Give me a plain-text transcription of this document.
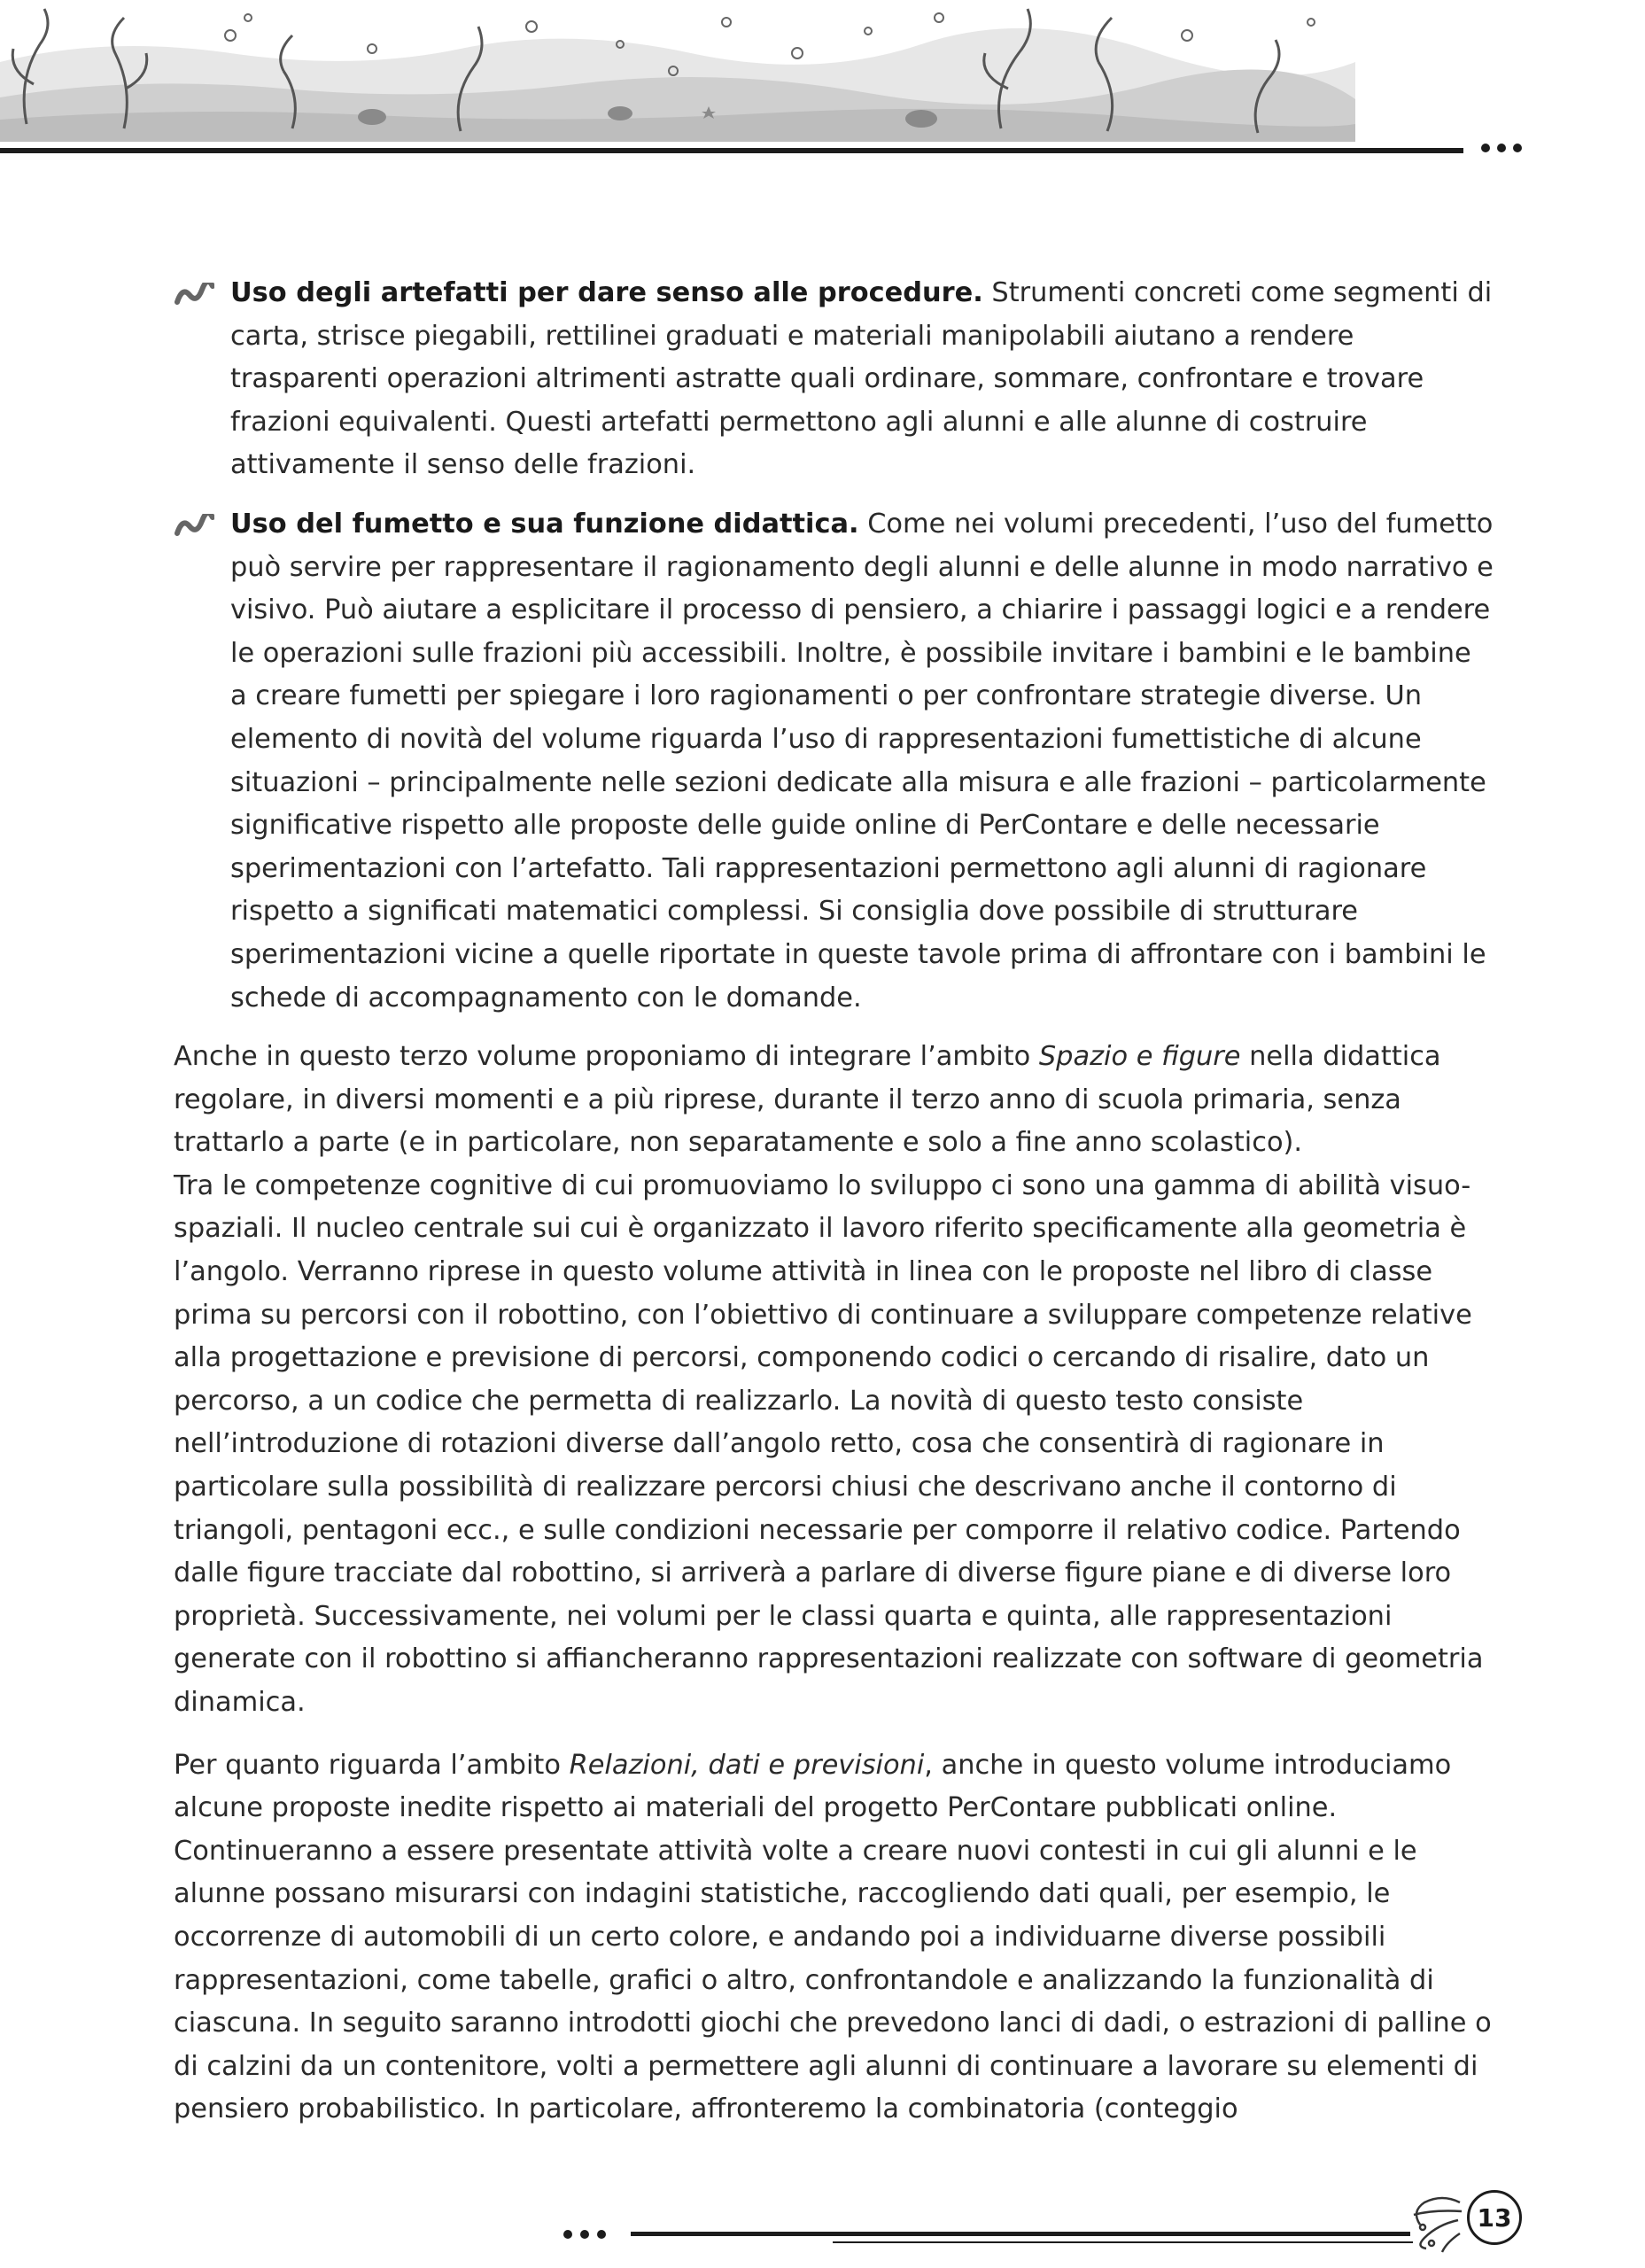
Uso degli artefatti per dare senso alle procedure. Strumenti concreti come segmenti di carta, strisce piegabili, rettilinei graduati e materiali manipolabili aiutano a rendere trasparenti operazioni altrimenti astratte quali ordinare, sommare, confrontare e trovare frazioni equivalenti. Questi artefatti permettono agli alunni e alle alunne di costruire attivamente il senso delle frazioni.

Uso del fumetto e sua funzione didattica. Come nei volumi precedenti, l’uso del fumetto può servire per rappresentare il ragionamento degli alunni e delle alunne in modo narrativo e visivo. Può aiutare a esplicitare il processo di pensiero, a chiarire i passaggi logici e a rendere le operazioni sulle frazioni più accessibili. Inoltre, è possibile invitare i bambini e le bambine a creare fumetti per spiegare i loro ragionamenti o per confrontare strategie diverse. Un elemento di novità del volume riguarda l’uso di rappresentazioni fumettistiche di alcune situazioni – principalmente nelle sezioni dedicate alla misura e alle frazioni – particolarmente significative rispetto alle proposte delle guide online di PerContare e delle necessarie sperimentazioni con l’artefatto. Tali rappresentazioni permettono agli alunni di ragionare rispetto a significati matematici complessi. Si consiglia dove possibile di strutturare sperimentazioni vicine a quelle riportate in queste tavole prima di affrontare con i bambini le schede di accompagnamento con le domande.

Anche in questo terzo volume proponiamo di integrare l’ambito Spazio e figure nella didattica regolare, in diversi momenti e a più riprese, durante il terzo anno di scuola primaria, senza trattarlo a parte (e in particolare, non separatamente e solo a fine anno scolastico).

Tra le competenze cognitive di cui promuoviamo lo sviluppo ci sono una gamma di abilità visuo-spaziali. Il nucleo centrale sui cui è organizzato il lavoro riferito specificamente alla geometria è l’angolo. Verranno riprese in questo volume attività in linea con le proposte nel libro di classe prima su percorsi con il robottino, con l’obiettivo di continuare a sviluppare competenze relative alla progettazione e previsione di percorsi, componendo codici o cercando di risalire, dato un percorso, a un codice che permetta di realizzarlo. La novità di questo testo consiste nell’introduzione di rotazioni diverse dall’angolo retto, cosa che consentirà di ragionare in particolare sulla possibilità di realizzare percorsi chiusi che descrivano anche il contorno di triangoli, pentagoni ecc., e sulle condizioni necessarie per comporre il relativo codice. Partendo dalle figure tracciate dal robottino, si arriverà a parlare di diverse figure piane e di diverse loro proprietà. Successivamente, nei volumi per le classi quarta e quinta, alle rappresentazioni generate con il robottino si affiancheranno rappresentazioni realizzate con software di geometria dinamica.

Per quanto riguarda l’ambito Relazioni, dati e previsioni, anche in questo volume introduciamo alcune proposte inedite rispetto ai materiali del progetto PerContare pubblicati online. Continueranno a essere presentate attività volte a creare nuovi contesti in cui gli alunni e le alunne possano misurarsi con indagini statistiche, raccogliendo dati quali, per esempio, le occorrenze di automobili di un certo colore, e andando poi a individuarne diverse possibili rappresentazioni, come tabelle, grafici o altro, confrontandole e analizzando la funzionalità di ciascuna. In seguito saranno introdotti giochi che prevedono lanci di dadi, o estrazioni di palline o di calzini da un contenitore, volti a permettere agli alunni di continuare a lavorare su elementi di pensiero probabilistico. In particolare, affronteremo la combinatoria (conteggio

13
